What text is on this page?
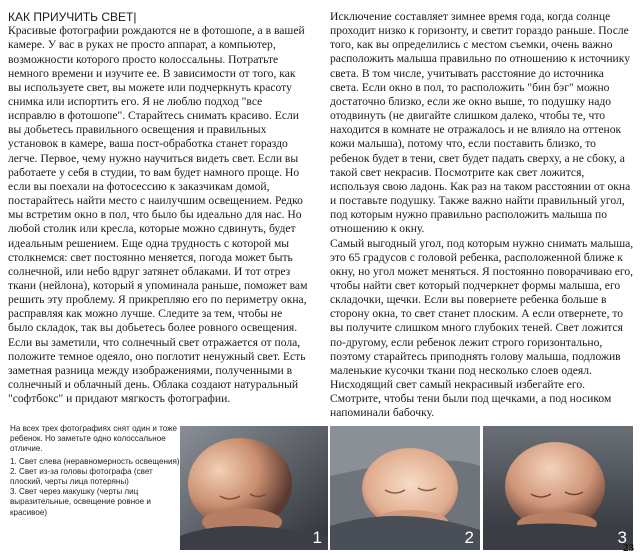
КАК ПРИУЧИТЬ СВЕТ|

Красивые фотографии рождаются не в фотошопе, а в вашей камере. У вас в руках не просто аппарат, а компьютер, возможности которого просто колоссальны. Потратьте немного времени и изучите ее. В зависимости от того, как вы используете свет, вы можете или подчеркнуть красоту снимка или испортить его. Я не люблю подход "все исправлю в фотошопе". Старайтесь снимать красиво. Если вы добьетесь правильного освещения и правильных установок в камере, ваша пост-обработка станет гораздо легче. Первое, чему нужно научиться видеть свет. Если вы работаете у себя в студии, то вам будет намного проще. Но если вы поехали на фотосессию к заказчикам домой, постарайтесь найти место с наилучшим освещением. Редко мы встретим окно в пол, что было бы идеально для нас. Но любой столик или кресла, которые можно сдвинуть, будет идеальным решением. Еще одна трудность с которой мы столкнемся: свет постоянно меняется, погода может быть солнечной, или небо вдруг затянет облаками. И тот отрез ткани (нейлона), который я упоминала раньше, поможет вам решить эту проблему. Я прикрепляю его по периметру окна, расправляя как можно лучше. Следите за тем, чтобы не было складок, так вы добьетесь более ровного освещения. Если вы заметили, что солнечный свет отражается от пола, положите темное одеяло, оно поглотит ненужный свет. Есть заметная разница между изображениями, полученными в солнечный и облачный день. Облака создают натуральный "софтбокс" и придают мягкость фотографии.

Исключение составляет зимнее время года, когда солнце проходит низко к горизонту, и светит гораздо раньше. После того, как вы определились с местом съемки, очень важно расположить малыша правильно по отношению к источнику света. В том числе, учитывать расстояние до источника света. Если окно в пол, то расположить "бин бэг" можно достаточно близко, если же окно выше, то подушку надо отодвинуть (не двигайте слишком далеко, чтобы те, что находится в комнате не отражалось и не влияло на оттенок кожи малыша), потому что, если поставить близко, то ребенок будет в тени, свет будет падать сверху, а не сбоку, а такой свет некрасив. Посмотрите как свет ложится, используя свою ладонь. Как раз на таком расстоянии от окна и поставьте подушку. Также важно найти правильный угол, под которым нужно правильно расположить малыша по отношению к окну.

Самый выгодный угол, под которым нужно снимать малыша, это 65 градусов с головой ребенка, расположенной ближе к окну, но угол может меняться. Я постоянно поворачиваю его, чтобы найти свет который подчеркнет формы малыша, его складочки, щечки. Если вы повернете ребенка больше в сторону окна, то свет станет плоским. А если отвернете, то вы получите слишком много глубоких теней. Свет ложится по-другому, если ребенок лежит строго горизонтально, поэтому старайтесь приподнять голову малыша, подложив маленькие кусочки ткани под несколько слоев одеял. Нисходящий свет самый некрасивый избегайте его. Смотрите, чтобы тени были под щечками, а под носиком напоминали бабочку.

На всех трех фотографиях снят один и тоже ребенок. Но заметьте одно колоссальное отличие.

1. Свет слева (неравномерность освещения)

2. Свет из-за головы фотографа (свет плоский, черты лица потеряны)

3. Свет через макушку (черты лиц выразительные, освещение ровное и красивое)

1	2	3
23
